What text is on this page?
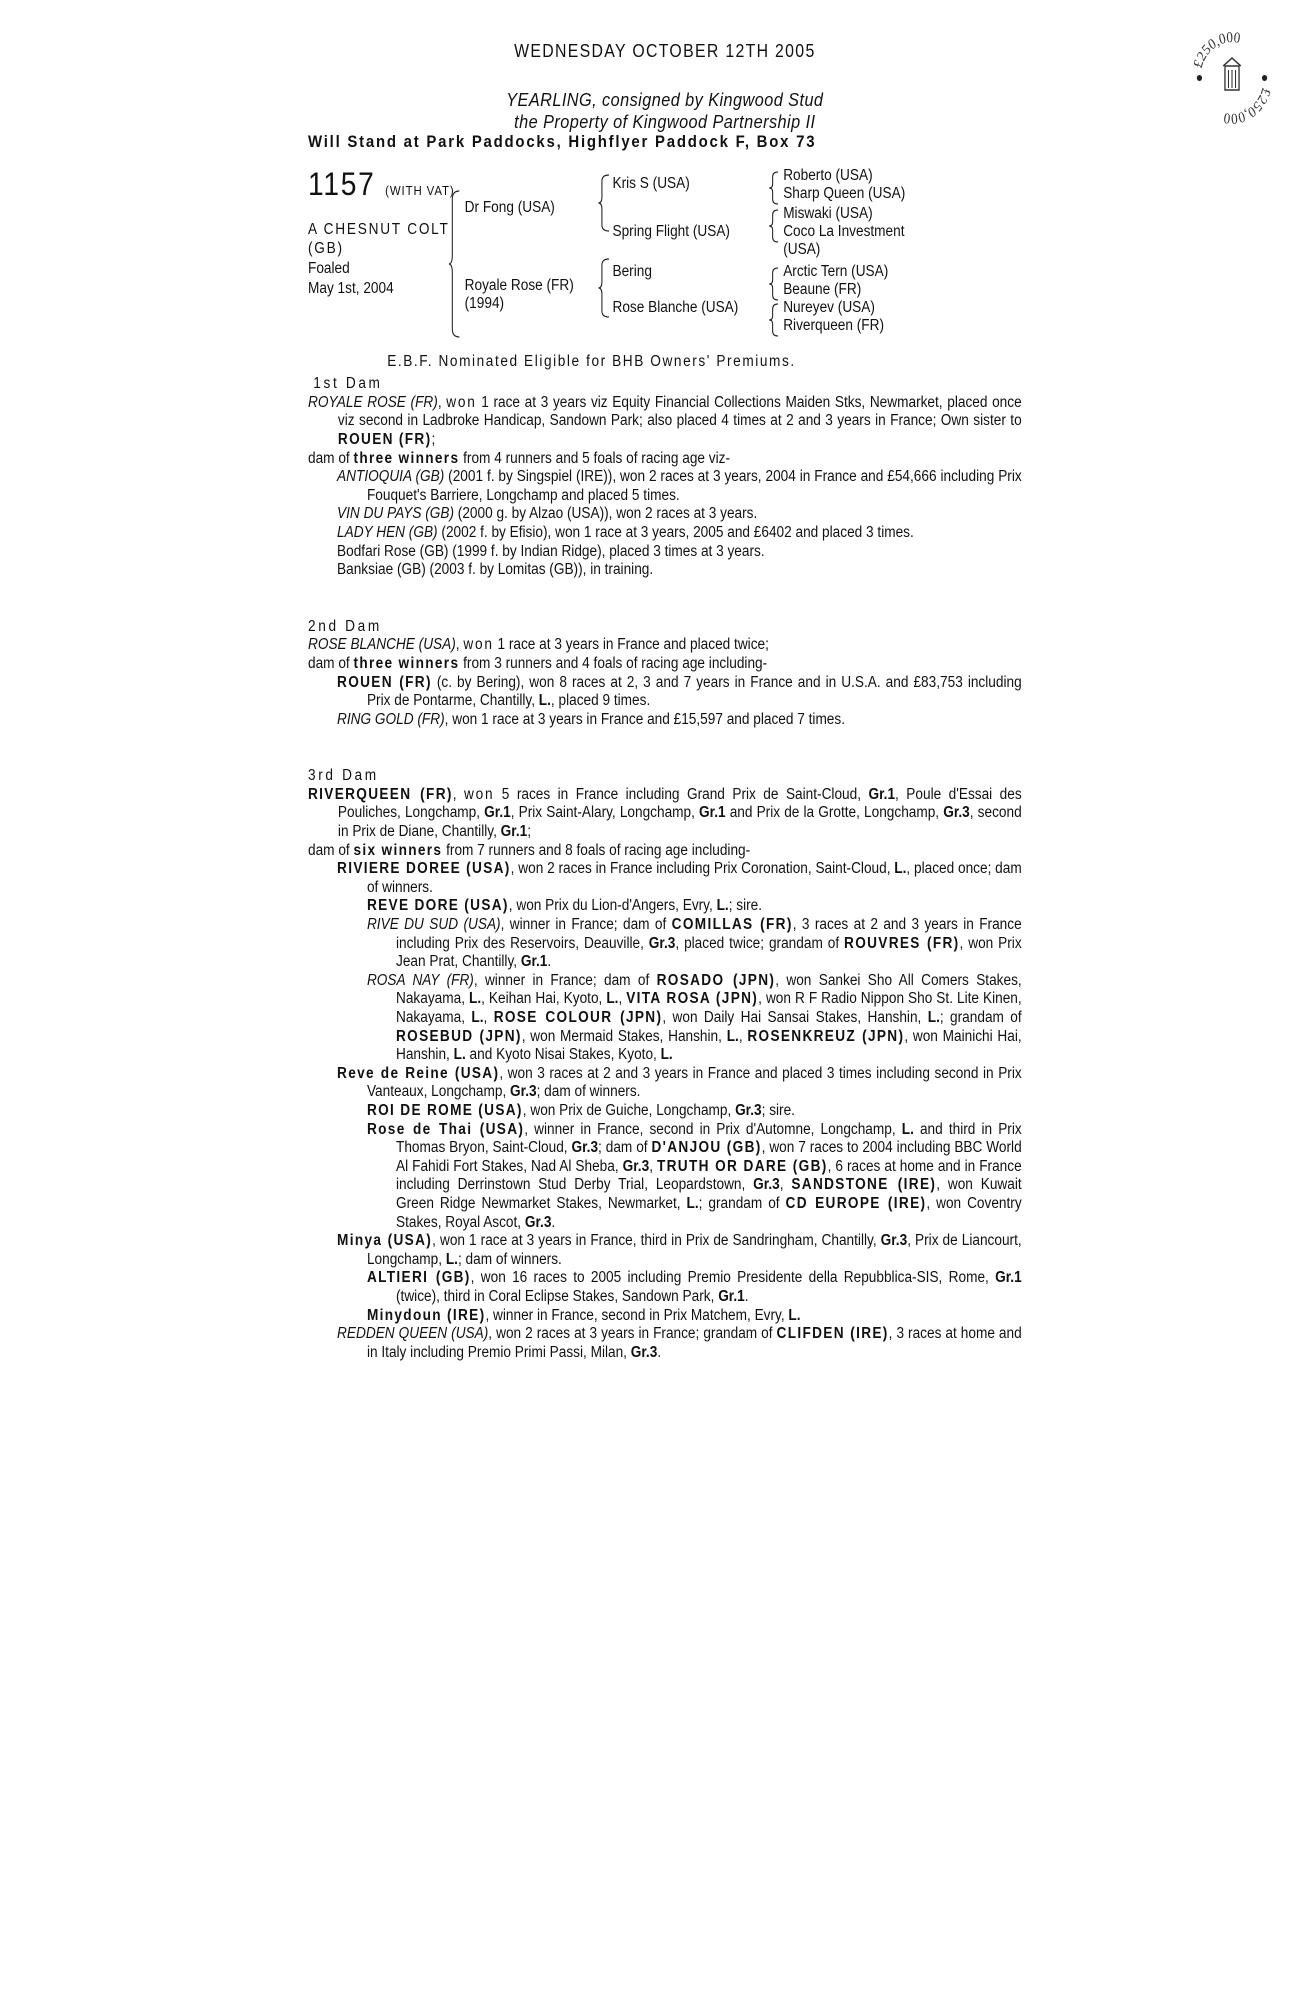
WEDNESDAY OCTOBER 12TH 2005
YEARLING, consigned by Kingwood Stud
the Property of Kingwood Partnership II
Will Stand at Park Paddocks, Highflyer Paddock F, Box 73
£250,000
£250,000
1157 (WITH VAT)
A CHESNUT COLT (GB)
Foaled
May 1st, 2004
Dr Fong (USA)
Royale Rose (FR)
(1994)
Kris S (USA)
Spring Flight (USA)
Bering
Rose Blanche (USA)
Roberto (USA)
Sharp Queen (USA)
Miswaki (USA)
Coco La Investment
(USA)
Arctic Tern (USA)
Beaune (FR)
Nureyev (USA)
Riverqueen (FR)
E.B.F. Nominated Eligible for BHB Owners' Premiums.
1st Dam

ROYALE ROSE (FR), won 1 race at 3 years viz Equity Financial Collections Maiden Stks, Newmarket, placed once viz second in Ladbroke Handicap, Sandown Park; also placed 4 times at 2 and 3 years in France; Own sister to ROUEN (FR);

dam of three winners from 4 runners and 5 foals of racing age viz-

ANTIOQUIA (GB) (2001 f. by Singspiel (IRE)), won 2 races at 3 years, 2004 in France and £54,666 including Prix Fouquet's Barriere, Longchamp and placed 5 times.

VIN DU PAYS (GB) (2000 g. by Alzao (USA)), won 2 races at 3 years.

LADY HEN (GB) (2002 f. by Efisio), won 1 race at 3 years, 2005 and £6402 and placed 3 times.

Bodfari Rose (GB) (1999 f. by Indian Ridge), placed 3 times at 3 years.

Banksiae (GB) (2003 f. by Lomitas (GB)), in training.

2nd Dam

ROSE BLANCHE (USA), won 1 race at 3 years in France and placed twice;

dam of three winners from 3 runners and 4 foals of racing age including-

ROUEN (FR) (c. by Bering), won 8 races at 2, 3 and 7 years in France and in U.S.A. and £83,753 including Prix de Pontarme, Chantilly, L., placed 9 times.

RING GOLD (FR), won 1 race at 3 years in France and £15,597 and placed 7 times.

3rd Dam

RIVERQUEEN (FR), won 5 races in France including Grand Prix de Saint-Cloud, Gr.1, Poule d'Essai des Pouliches, Longchamp, Gr.1, Prix Saint-Alary, Longchamp, Gr.1 and Prix de la Grotte, Longchamp, Gr.3, second in Prix de Diane, Chantilly, Gr.1;

dam of six winners from 7 runners and 8 foals of racing age including-

RIVIERE DOREE (USA), won 2 races in France including Prix Coronation, Saint-Cloud, L., placed once; dam of winners.

REVE DORE (USA), won Prix du Lion-d'Angers, Evry, L.; sire.

RIVE DU SUD (USA), winner in France; dam of COMILLAS (FR), 3 races at 2 and 3 years in France including Prix des Reservoirs, Deauville, Gr.3, placed twice; grandam of ROUVRES (FR), won Prix Jean Prat, Chantilly, Gr.1.

ROSA NAY (FR), winner in France; dam of ROSADO (JPN), won Sankei Sho All Comers Stakes, Nakayama, L., Keihan Hai, Kyoto, L., VITA ROSA (JPN), won R F Radio Nippon Sho St. Lite Kinen, Nakayama, L., ROSE COLOUR (JPN), won Daily Hai Sansai Stakes, Hanshin, L.; grandam of ROSEBUD (JPN), won Mermaid Stakes, Hanshin, L., ROSENKREUZ (JPN), won Mainichi Hai, Hanshin, L. and Kyoto Nisai Stakes, Kyoto, L.

Reve de Reine (USA), won 3 races at 2 and 3 years in France and placed 3 times including second in Prix Vanteaux, Longchamp, Gr.3; dam of winners.

ROI DE ROME (USA), won Prix de Guiche, Longchamp, Gr.3; sire.

Rose de Thai (USA), winner in France, second in Prix d'Automne, Longchamp, L. and third in Prix Thomas Bryon, Saint-Cloud, Gr.3; dam of D'ANJOU (GB), won 7 races to 2004 including BBC World Al Fahidi Fort Stakes, Nad Al Sheba, Gr.3, TRUTH OR DARE (GB), 6 races at home and in France including Derrinstown Stud Derby Trial, Leopardstown, Gr.3, SANDSTONE (IRE), won Kuwait Green Ridge Newmarket Stakes, Newmarket, L.; grandam of CD EUROPE (IRE), won Coventry Stakes, Royal Ascot, Gr.3.

Minya (USA), won 1 race at 3 years in France, third in Prix de Sandringham, Chantilly, Gr.3, Prix de Liancourt, Longchamp, L.; dam of winners.

ALTIERI (GB), won 16 races to 2005 including Premio Presidente della Repubblica-SIS, Rome, Gr.1 (twice), third in Coral Eclipse Stakes, Sandown Park, Gr.1.

Minydoun (IRE), winner in France, second in Prix Matchem, Evry, L.

REDDEN QUEEN (USA), won 2 races at 3 years in France; grandam of CLIFDEN (IRE), 3 races at home and in Italy including Premio Primi Passi, Milan, Gr.3.
